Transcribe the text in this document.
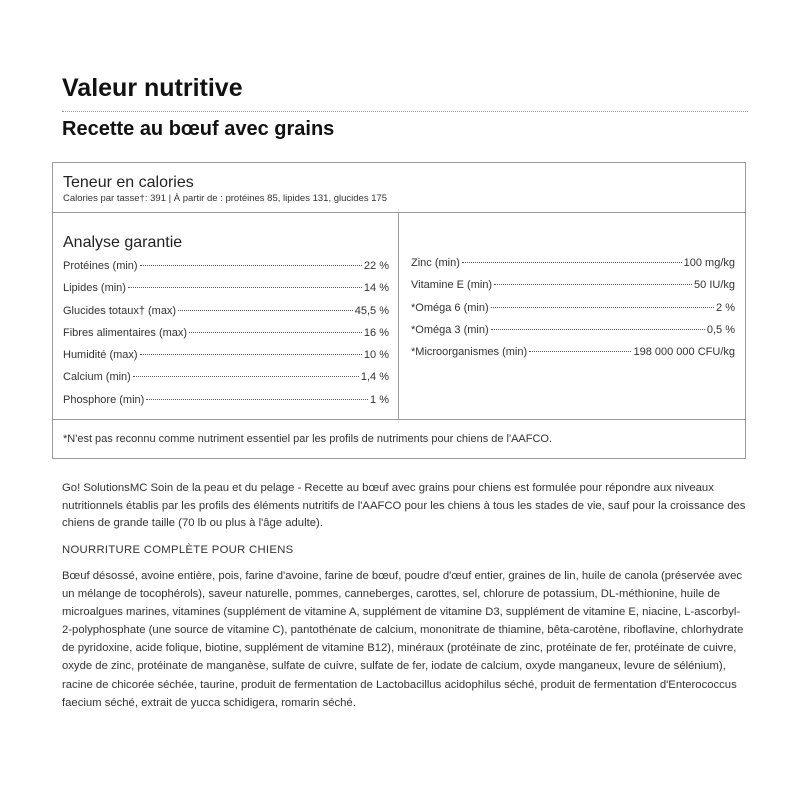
Valeur nutritive
Recette au bœuf avec grains
Teneur en calories
Calories par tasse†: 391 | À partir de : protéines 85, lipides 131, glucides 175
Analyse garantie
Protéines (min)	22 %
Lipides (min)	14 %
Glucides totaux† (max)	45,5 %
Fibres alimentaires (max)	16 %
Humidité (max)	10 %
Calcium (min)	1,4 %
Phosphore (min)	1 %
Zinc (min)	100 mg/kg
Vitamine E (min)	50 IU/kg
*Oméga 6 (min)	2 %
*Oméga 3 (min)	0,5 %
*Microorganismes (min)	198 000 000 CFU/kg
*N'est pas reconnu comme nutriment essentiel par les profils de nutriments pour chiens de l'AAFCO.

Go! SolutionsMC Soin de la peau et du pelage - Recette au bœuf avec grains pour chiens est formulée pour répondre aux niveaux nutritionnels établis par les profils des éléments nutritifs de l'AAFCO pour les chiens à tous les stades de vie, sauf pour la croissance des chiens de grande taille (70 lb ou plus à l'âge adulte).

NOURRITURE COMPLÈTE POUR CHIENS

Bœuf désossé, avoine entière, pois, farine d'avoine, farine de bœuf, poudre d'œuf entier, graines de lin, huile de canola (préservée avec un mélange de tocophérols), saveur naturelle, pommes, canneberges, carottes, sel, chlorure de potassium, DL-méthionine, huile de microalgues marines, vitamines (supplément de vitamine A, supplément de vitamine D3, supplément de vitamine E, niacine, L-ascorbyl-2-polyphosphate (une source de vitamine C), pantothénate de calcium, mononitrate de thiamine, bêta-carotène, riboflavine, chlorhydrate de pyridoxine, acide folique, biotine, supplément de vitamine B12), minéraux (protéinate de zinc, protéinate de fer, protéinate de cuivre, oxyde de zinc, protéinate de manganèse, sulfate de cuivre, sulfate de fer, iodate de calcium, oxyde manganeux, levure de sélénium), racine de chicorée séchée, taurine, produit de fermentation de Lactobacillus acidophilus séché, produit de fermentation d'Enterococcus faecium séché, extrait de yucca schidigera, romarin séché.
